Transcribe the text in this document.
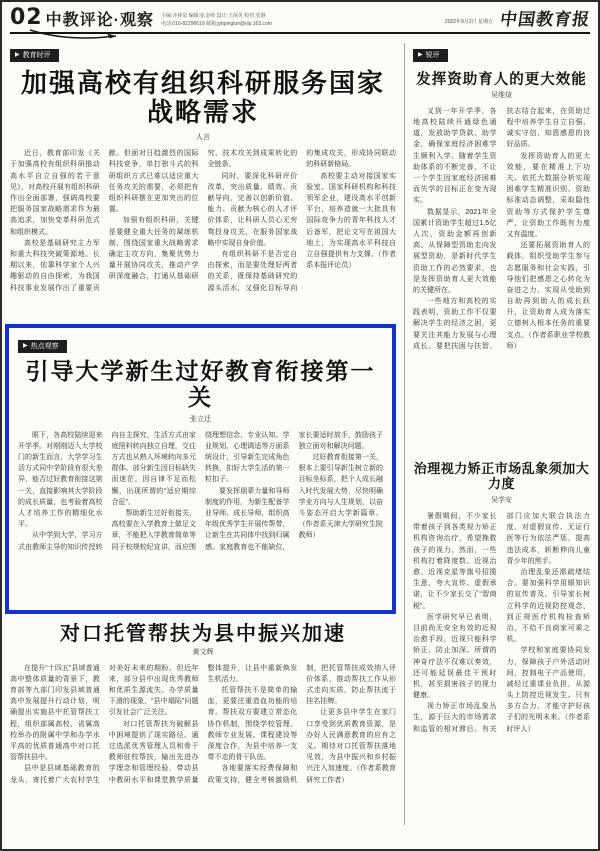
02 中教评论·观察 主编:齐林泉 编辑:张金岭 设计:王保英 校对:张静
电话:010-82296619 邮箱:jybpinglun@vip.163.com	2022年9月2日 星期五 中国教育报
▶ 教育时评
加强高校有组织科研服务国家战略需求
人言

近日，教育部印发《关于加强高校有组织科研推动高水平自立自强的若干意见》，对高校开展有组织科研作出全面部署，强调高校要把服务国家战略需求作为最高追求，加快变革科研范式和组织模式。

高校是基础研究主力军和重大科技突破策源地。长期以来，依靠科学家个人兴趣驱动的自由探索，为我国科技事业发展作出了重要贡献。但面对日趋激烈的国际科技竞争，单打独斗式的科研组织方式已难以适应重大任务攻关的需要，必须把有组织科研摆在更加突出的位置。

加强有组织科研，关键是要健全重大任务的凝练机制，围绕国家重大战略需求确定主攻方向，集聚优势力量开展协同攻关，推动产学研深度融合，打通从基础研究、技术攻关到成果转化的全链条。

同时，要深化科研评价改革，突出质量、绩效、贡献导向，完善以创新价值、能力、贡献为核心的人才评价体系，让科研人员心无旁骛投身攻关，在服务国家战略中实现自身价值。

有组织科研不是否定自由探索，而是要处理好两者的关系，既保持基础研究的源头活水，又强化目标导向的集成攻关，形成协同联动的科研新格局。

高校要主动对接国家实验室、国家科研机构和科技领军企业，建设高水平创新平台，培养造就一大批具有国际竞争力的青年科技人才后备军，把论文写在祖国大地上，为实现高水平科技自立自强提供有力支撑。（作者系本报评论员）

▶ 热点观察
引导大学新生过好教育衔接第一关
张立迁

眼下，各高校陆续迎来开学季。对刚刚迈入大学校门的新生而言，大学学习生活方式同中学阶段有很大差异，能否过好教育衔接这第一关，直接影响其大学阶段的成长质量，也考验着高校人才培养工作的精细化水平。

从中学到大学，学习方式由教师主导的知识传授转向自主探究，生活方式由家庭照料转向独立自理，交往方式也从熟人环境转向多元群体。部分新生因目标缺失而迷茫，因自律不足而松懈，出现所谓的“适应期综合征”。

帮助新生过好衔接关，高校要在入学教育上做足文章，不能把入学教育简单等同于校规校纪宣讲，而应围绕理想信念、专业认知、学业规划、心理调适等方面系统设计，引导新生完成角色转换，扣好大学生活的第一粒扣子。

要发挥朋辈力量和导师制度的作用，为新生配备学业导师、成长导师，组织高年级优秀学生开展传帮带，让新生在共同体中找到归属感。家庭教育也不能缺位，家长要适时放手，鼓励孩子独立面对和解决问题。

过好教育衔接第一关，根本上要引导新生树立新的目标坐标系，把个人成长融入时代发展大势，尽快明确学业方向与人生规划，以奋斗姿态开启大学新篇章。（作者系天津大学研究生院教师）

对口托管帮扶为县中振兴加速
黄文辉

在提升“十四五”县域普通高中整体质量的背景下，教育部等九部门印发县域普通高中发展提升行动计划，明确提出实施县中托管帮扶工程，组织部属高校、省属高校举办的附属中学和办学水平高的优质普通高中对口托管帮扶县中。

县中是县域基础教育的龙头，寄托着广大农村学生对美好未来的期盼。但近年来，部分县中出现优秀教师和优质生源流失、办学质量下滑的现象，“县中塌陷”问题引发社会广泛关注。

对口托管帮扶为破解县中困境提供了现实路径。通过选派优秀管理人员和骨干教师驻校帮扶，输出先进办学理念和管理经验，带动县中教研水平和课堂教学质量整体提升，让县中重新焕发生机活力。

托管帮扶不是简单的输血，更要注重造血功能的培育。帮扶双方要建立常态化协作机制，围绕学校管理、教师专业发展、课程建设等深度合作，为县中培养一支带不走的骨干队伍。

各地要落实经费保障和政策支持，健全考核激励机制，把托管帮扶成效纳入评价体系，推动帮扶工作从形式走向实质，防止帮扶流于挂名挂牌。

让更多县中学生在家门口享受到优质教育资源，是办好人民满意教育的应有之义。期待对口托管帮扶落地见效，为县中振兴和乡村振兴注入加速度。（作者系教育研究工作者）

▶ 锐评
发挥资助育人的更大效能
吴维煊

又到一年开学季，各地高校陆续开通绿色通道，发放助学贷款、助学金，确保家庭经济困难学生顺利入学。随着学生资助体系的不断完善，不让一个学生因家庭经济困难而失学的目标正在变为现实。

数据显示，2021年全国累计资助学生超过1.5亿人次，资助金额再创新高。从保障型资助走向发展型资助，是新时代学生资助工作的必然要求，也是发挥资助育人更大效能的关键所在。

一些地方和高校的实践表明，资助工作不仅要解决学生的经济之困，更要关注其能力发展与心理成长。要把扶困与扶智、扶志结合起来，在资助过程中培养学生自立自强、诚实守信、知恩感恩的良好品质。

发挥资助育人的更大效能，要在精准上下功夫。依托大数据分析实现困难学生精准识别、资助标准动态调整，采取隐性资助等方式保护学生尊严，让资助工作既有力度又有温度。

还要拓展资助育人的载体，组织受助学生参与志愿服务和社会实践，引导他们把感恩之心转化为奋进之力，实现从受助到自助再到助人的成长跃升，让资助育人成为落实立德树人根本任务的重要支点。（作者系职业学校教师）

治理视力矫正市场乱象须加大力度
吴学安

暑假期间，不少家长带着孩子到各类视力矫正机构咨询治疗，希望挽救孩子的视力。然而，一些机构打着降度数、近视治愈、近视克星等旗号招揽生意，夸大宣传、虚假承诺，让不少家长交了“智商税”。

医学研究早已表明，目前尚无安全有效的近视治愈手段，近视只能科学矫正、防止加深。所谓的神奇疗法不仅难以奏效，还可能延误最佳干预时机，甚至损害孩子的视力健康。

视力矫正市场乱象丛生，源于巨大的市场需求和监管的相对滞后。有关部门应加大联合执法力度，对虚假宣传、无证行医等行为依法严惩，提高违法成本，斩断伸向儿童青少年的黑手。

治理乱象还需疏堵结合。要加强科学用眼知识的宣传普及，引导家长树立科学的近视防控观念，到正规医疗机构检查矫治，不给不良商家可乘之机。

学校和家庭要协同发力，保障孩子户外活动时间，控制电子产品使用，减轻过重课业负担，从源头上防控近视发生。只有多方合力，才能守护好孩子们的光明未来。（作者系时评人）
